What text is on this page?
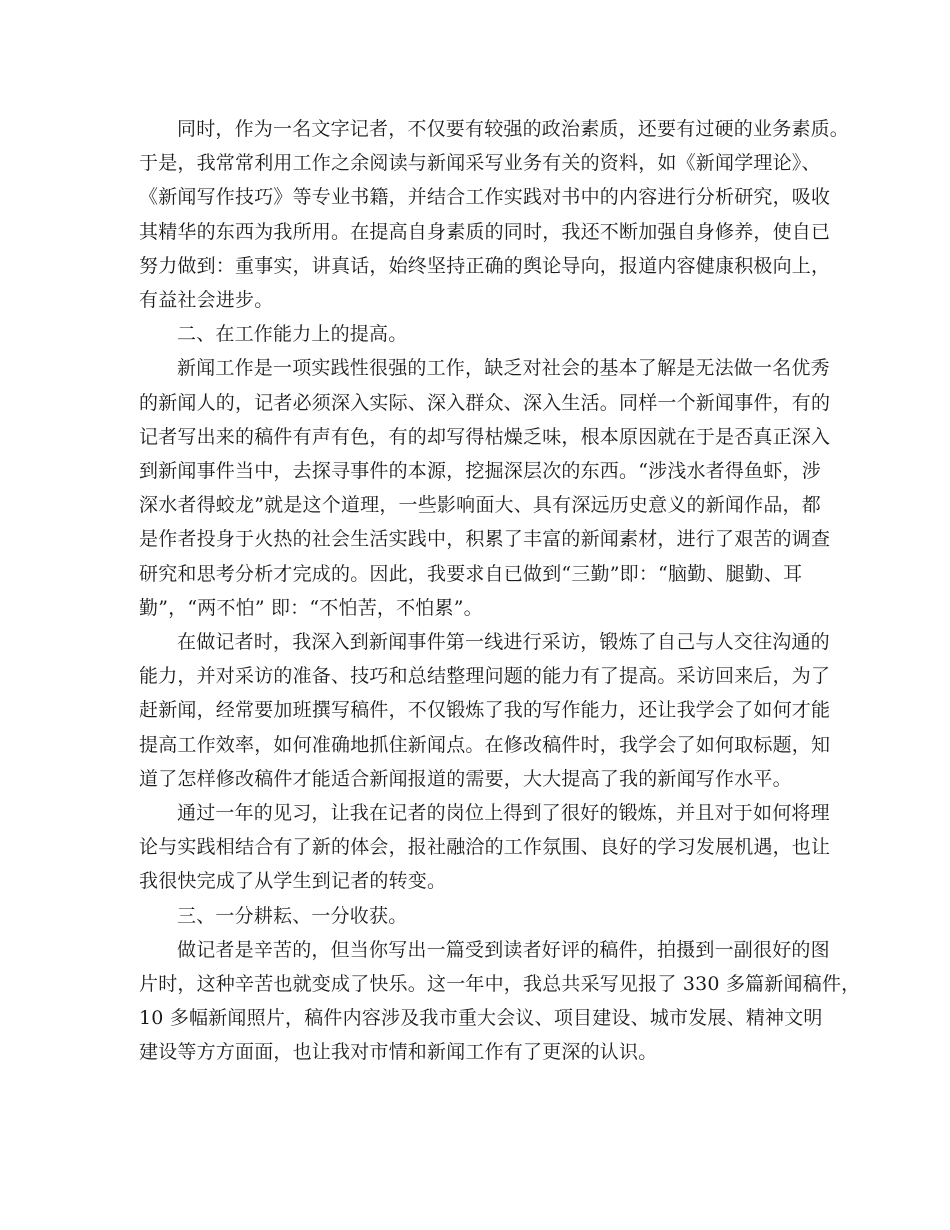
同时，作为一名文字记者，不仅要有较强的政治素质，还要有过硬的业务素质。
于是，我常常利用工作之余阅读与新闻采写业务有关的资料，如《新闻学理论》、
《新闻写作技巧》等专业书籍，并结合工作实践对书中的内容进行分析研究，吸收
其精华的东西为我所用。在提高自身素质的同时，我还不断加强自身修养，使自已
努力做到：重事实，讲真话，始终坚持正确的舆论导向，报道内容健康积极向上，
有益社会进步。

二、在工作能力上的提高。

新闻工作是一项实践性很强的工作，缺乏对社会的基本了解是无法做一名优秀
的新闻人的，记者必须深入实际、深入群众、深入生活。同样一个新闻事件，有的
记者写出来的稿件有声有色，有的却写得枯燥乏味，根本原因就在于是否真正深入
到新闻事件当中，去探寻事件的本源，挖掘深层次的东西。“涉浅水者得鱼虾，涉
深水者得蛟龙”就是这个道理，一些影响面大、具有深远历史意义的新闻作品，都
是作者投身于火热的社会生活实践中，积累了丰富的新闻素材，进行了艰苦的调查
研究和思考分析才完成的。因此，我要求自已做到“三勤”即：“脑勤、腿勤、耳
勤”，“两不怕” 即：“不怕苦，不怕累”。

在做记者时，我深入到新闻事件第一线进行采访，锻炼了自己与人交往沟通的
能力，并对采访的准备、技巧和总结整理问题的能力有了提高。采访回来后，为了
赶新闻，经常要加班撰写稿件，不仅锻炼了我的写作能力，还让我学会了如何才能
提高工作效率，如何准确地抓住新闻点。在修改稿件时，我学会了如何取标题，知
道了怎样修改稿件才能适合新闻报道的需要，大大提高了我的新闻写作水平。

通过一年的见习，让我在记者的岗位上得到了很好的锻炼，并且对于如何将理
论与实践相结合有了新的体会，报社融洽的工作氛围、良好的学习发展机遇，也让
我很快完成了从学生到记者的转变。

三、一分耕耘、一分收获。

做记者是辛苦的，但当你写出一篇受到读者好评的稿件，拍摄到一副很好的图
片时，这种辛苦也就变成了快乐。这一年中，我总共采写见报了 330 多篇新闻稿件，
10 多幅新闻照片，稿件内容涉及我市重大会议、项目建设、城市发展、精神文明
建设等方方面面，也让我对市情和新闻工作有了更深的认识。
